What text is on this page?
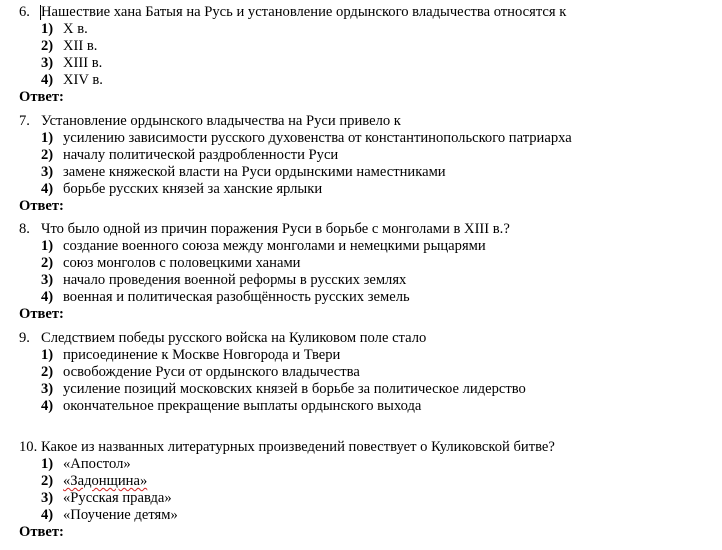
6. Нашествие хана Батыя на Русь и установление ордынского владычества относятся к
1) X в.
2) XII в.
3) XIII в.
4) XIV в.
Ответ:
7. Установление ордынского владычества на Руси привело к
1) усилению зависимости русского духовенства от константинопольского патриарха
2) началу политической раздробленности Руси
3) замене княжеской власти на Руси ордынскими наместниками
4) борьбе русских князей за ханские ярлыки
Ответ:
8. Что было одной из причин поражения Руси в борьбе с монголами в XIII в.?
1) создание военного союза между монголами и немецкими рыцарями
2) союз монголов с половецкими ханами
3) начало проведения военной реформы в русских землях
4) военная и политическая разобщённость русских земель
Ответ:
9. Следствием победы русского войска на Куликовом поле стало
1) присоединение к Москве Новгорода и Твери
2) освобождение Руси от ордынского владычества
3) усиление позиций московских князей в борьбе за политическое лидерство
4) окончательное прекращение выплаты ордынского выхода
10. Какое из названных литературных произведений повествует о Куликовской битве?
1) «Апостол»
2) «Задонщина»
3) «Русская правда»
4) «Поучение детям»
Ответ:
